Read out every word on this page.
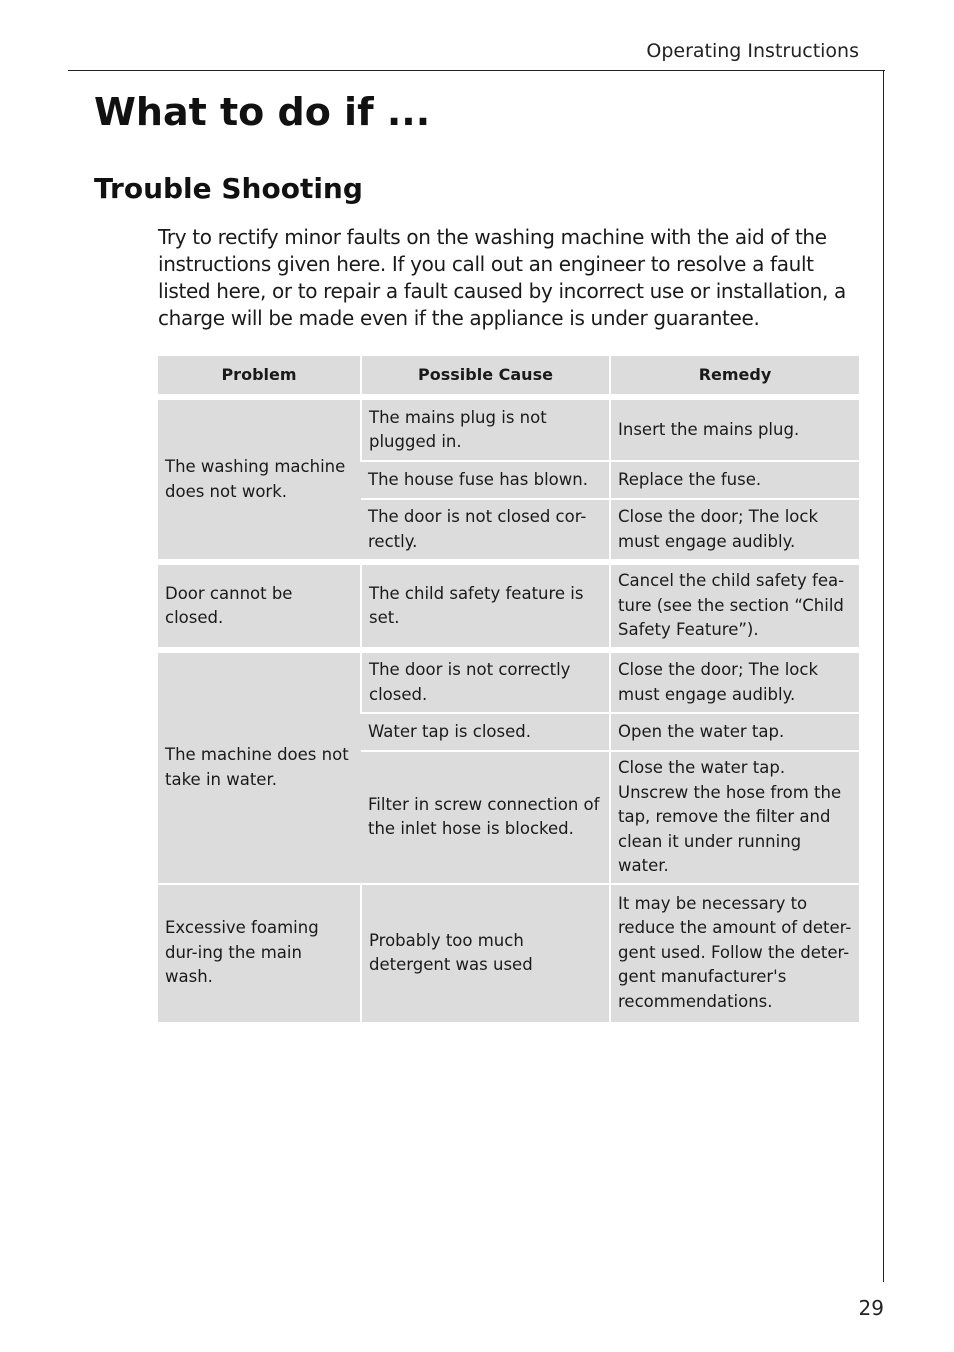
Operating Instructions
What to do if ...
Trouble Shooting

Try to rectify minor faults on the washing machine with the aid of the instructions given here. If you call out an engineer to resolve a fault listed here, or to repair a fault caused by incorrect use or installation, a charge will be made even if the appliance is under guarantee.

Problem	Possible Cause	Remedy
The washing machine does not work.	The mains plug is not plugged in.	Insert the mains plug.
	The house fuse has blown.	Replace the fuse.
	The door is not closed cor-rectly.	Close the door; The lock must engage audibly.
Door cannot be closed.	The child safety feature is set.	Cancel the child safety fea-ture (see the section “Child Safety Feature”).
The machine does not take in water.	The door is not correctly closed.	Close the door; The lock must engage audibly.
	Water tap is closed.	Open the water tap.
	Filter in screw connection of the inlet hose is blocked.	Close the water tap. Unscrew the hose from the tap, remove the filter and clean it under running water.
Excessive foaming dur-ing the main wash.	Probably too much detergent was used	It may be necessary to reduce the amount of deter-gent used. Follow the deter-gent manufacturer's recommendations.
29
